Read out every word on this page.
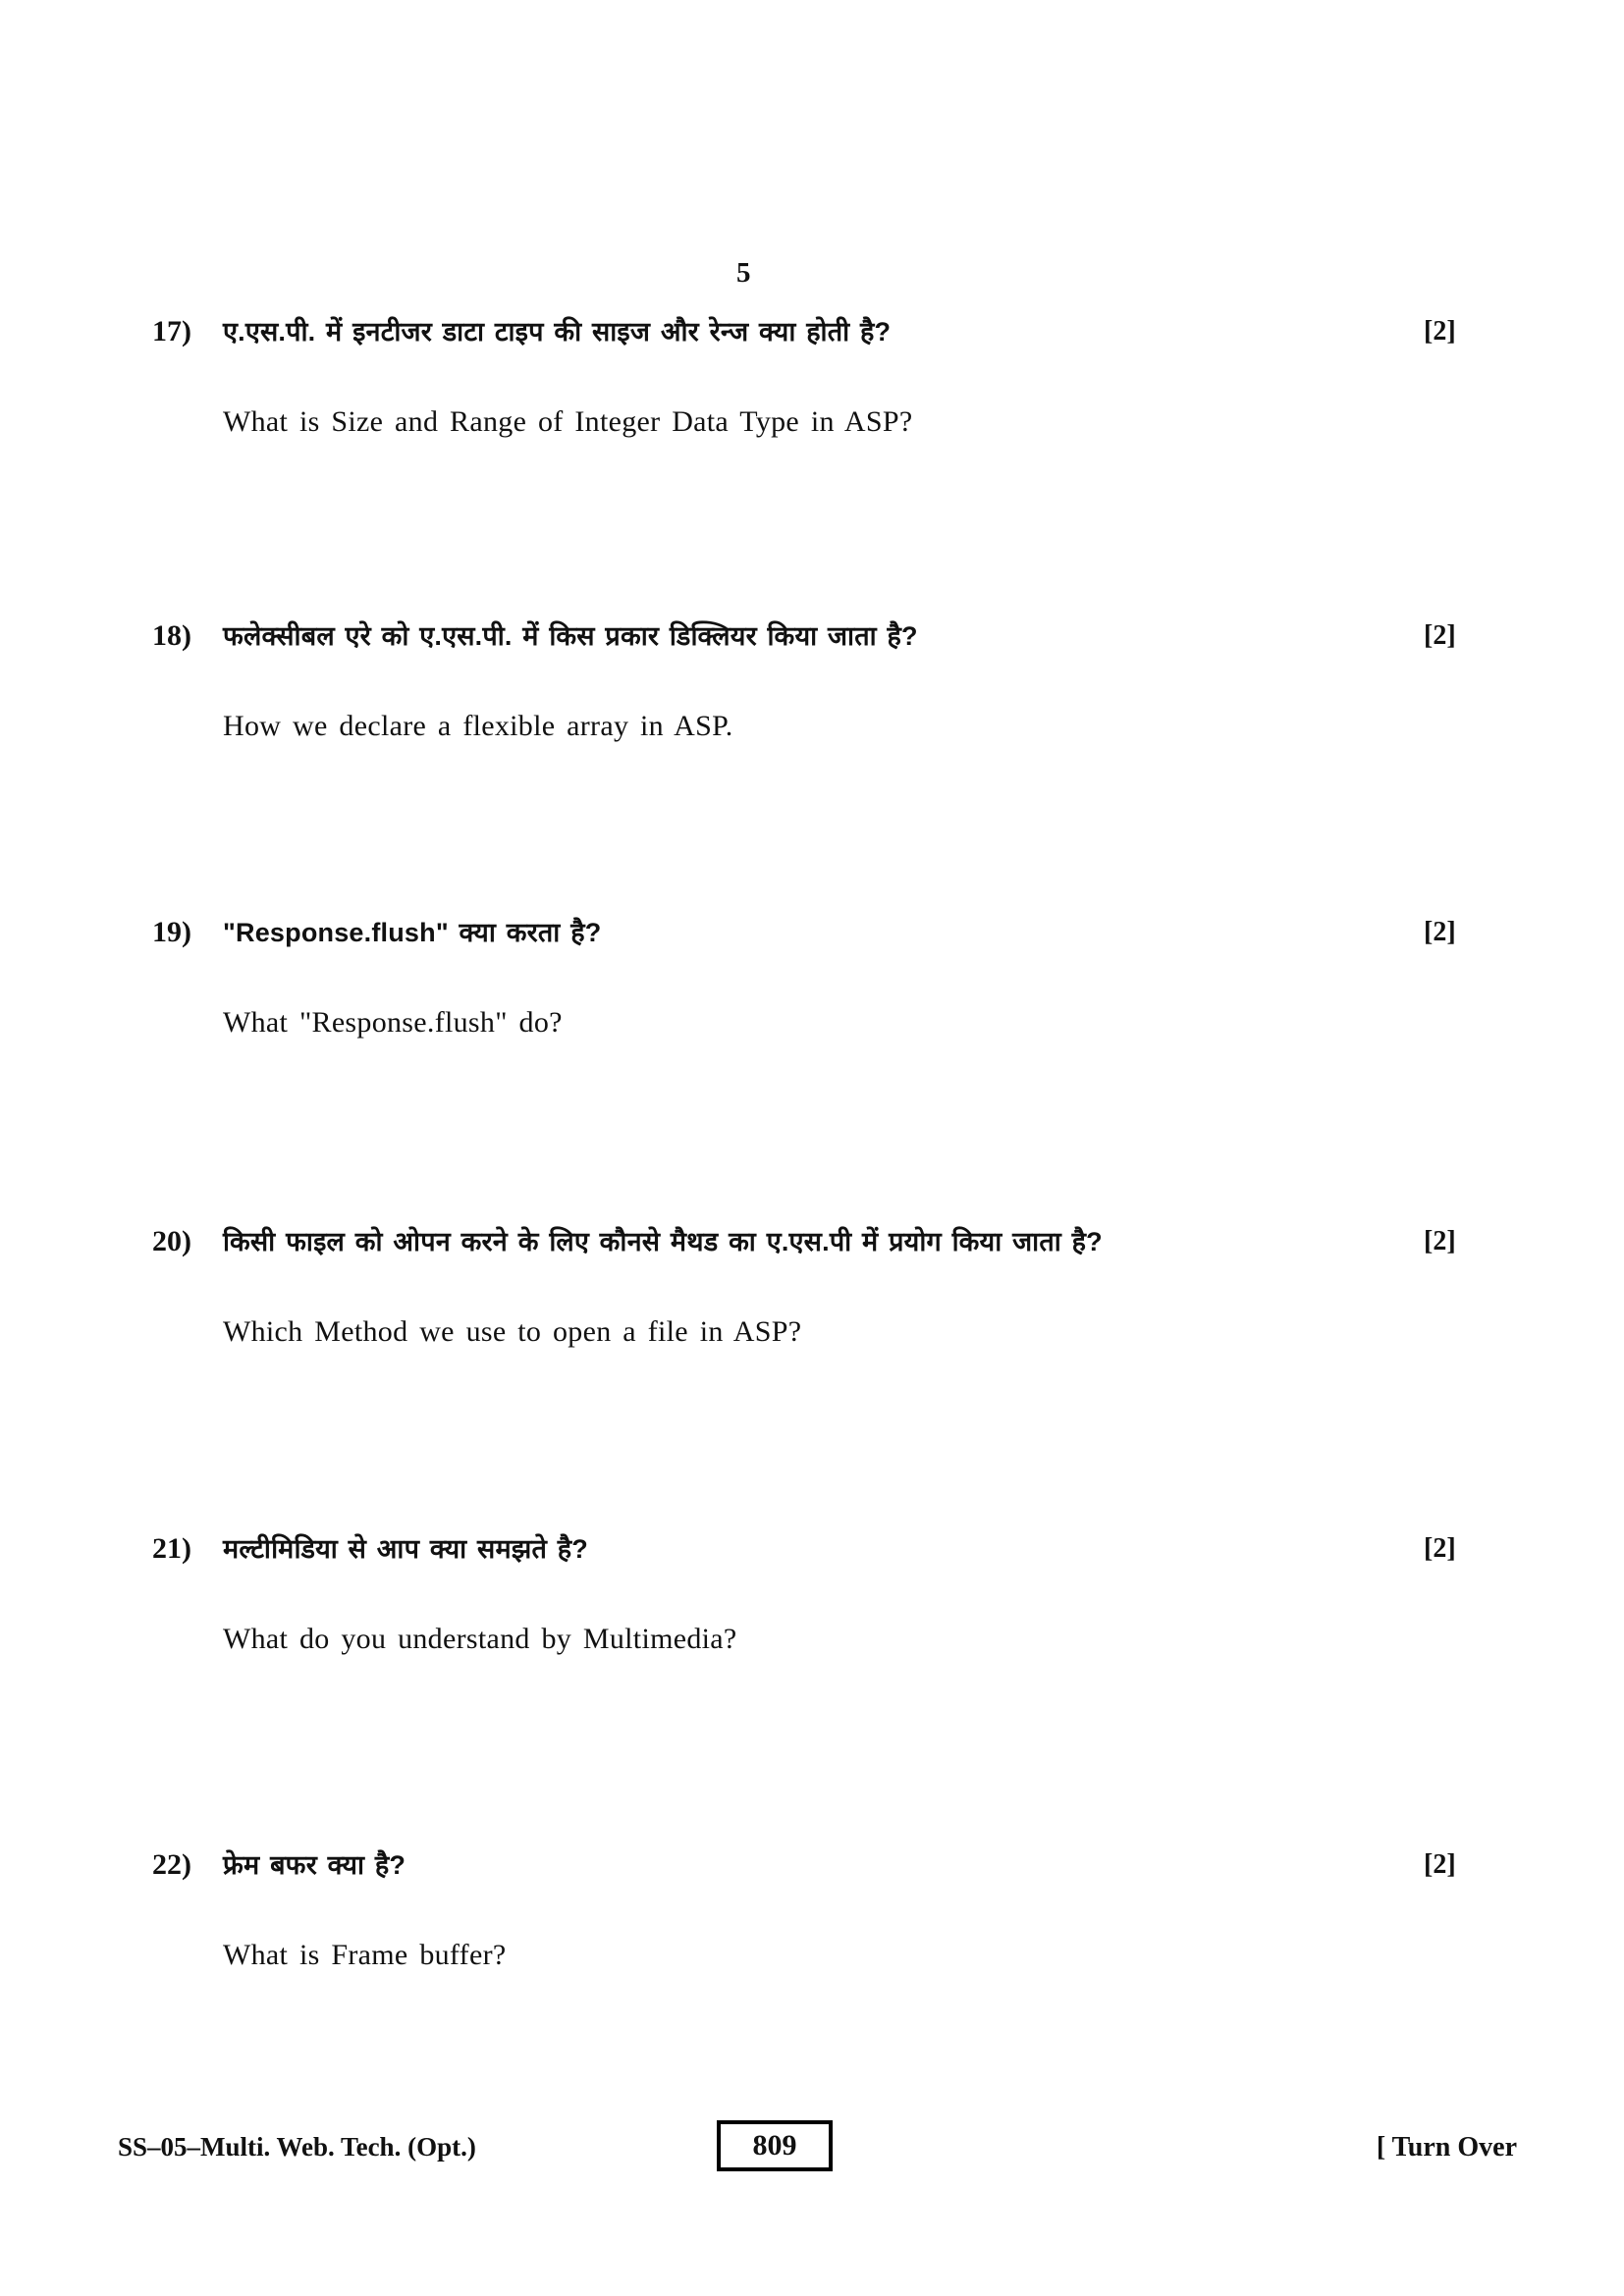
5
17)	ए.एस.पी. में इनटीजर डाटा टाइप की साइज और रेन्ज क्या होती है?	[2]
What is Size and Range of Integer Data Type in ASP?
18)	फलेक्सीबल एरे को ए.एस.पी. में किस प्रकार डिक्लियर किया जाता है?	[2]
How we declare a flexible array in ASP.
19)	"Response.flush" क्या करता है?	[2]
What "Response.flush" do?
20)	किसी फाइल को ओपन करने के लिए कौनसे मैथड का ए.एस.पी में प्रयोग किया जाता है?	[2]
Which Method we use to open a file in ASP?
21)	मल्टीमिडिया से आप क्या समझते है?	[2]
What do you understand by Multimedia?
22)	फ्रेम बफर क्या है?	[2]
What is Frame buffer?
SS–05–Multi. Web. Tech. (Opt.)	809	[ Turn Over
